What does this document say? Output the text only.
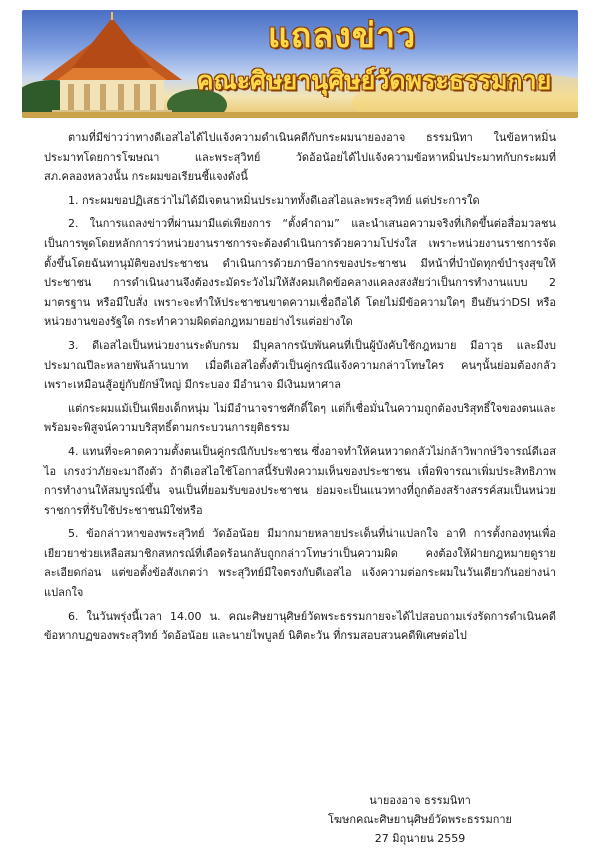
แถลงข่าว
คณะศิษยานุศิษย์วัดพระธรรมกาย

ตามที่มีข่าวว่าทางดีเอสไอได้ไปแจ้งความดำเนินคดีกับกระผมนายองอาจ ธรรมนิทา ในข้อหาหมิ่นประมาทโดยการโฆษณา และพระสุวิทย์ วัดอ้อน้อยได้ไปแจ้งความข้อหาหมิ่นประมาทกับกระผมที่ สภ.คลองหลวงนั้น กระผมขอเรียนชี้แจงดังนี้

1. กระผมขอปฏิเสธว่าไม่ได้มีเจตนาหมิ่นประมาททั้งดีเอสไอและพระสุวิทย์ แต่ประการใด

2. ในการแถลงข่าวที่ผ่านมามีแต่เพียงการ “ตั้งคำถาม” และนำเสนอความจริงที่เกิดขึ้นต่อสื่อมวลชน เป็นการพูดโดยหลักการว่าหน่วยงานราชการจะต้องดำเนินการด้วยความโปร่งใส เพราะหน่วยงานราชการจัดตั้งขึ้นโดยฉันทานุมัติของประชาชน ดำเนินการด้วยภาษีอากรของประชาชน มีหน้าที่บำบัดทุกข์บำรุงสุขให้ประชาชน การดำเนินงานจึงต้องระมัดระวังไม่ให้สังคมเกิดข้อคลางแคลงสงสัยว่าเป็นการทำงานแบบ 2 มาตรฐาน หรือมีใบสั่ง เพราะจะทำให้ประชาชนขาดความเชื่อถือได้ โดยไม่มีข้อความใดๆ ยืนยันว่าDSI หรือหน่วยงานของรัฐใด กระทำความผิดต่อกฎหมายอย่างไรแต่อย่างใด

3. ดีเอสไอเป็นหน่วยงานระดับกรม มีบุคลากรนับพันคนที่เป็นผู้บังคับใช้กฎหมาย มีอาวุธ และมีงบประมาณปีละหลายพันล้านบาท เมื่อดีเอสไอตั้งตัวเป็นคู่กรณีแจ้งความกล่าวโทษใคร คนๆนั้นย่อมต้องกลัวเพราะเหมือนสู้อยู่กับยักษ์ใหญ่ มีกระบอง มีอำนาจ มีเงินมหาศาล

แต่กระผมแม้เป็นเพียงเด็กหนุ่ม ไม่มีอำนาจราชศักดิ์ใดๆ แต่ก็เชื่อมั่นในความถูกต้องบริสุทธิ์ใจของตนและพร้อมจะพิสูจน์ความบริสุทธิ์ตามกระบวนการยุติธรรม

4. แทนที่จะคาดความตั้งตนเป็นคู่กรณีกับประชาชน ซึ่งอาจทำให้คนหวาดกลัวไม่กล้าวิพากษ์วิจารณ์ดีเอสไอ เกรงว่าภัยจะมาถึงตัว ถ้าดีเอสไอใช้โอกาสนี้รับฟังความเห็นของประชาชน เพื่อพิจารณาเพิ่มประสิทธิภาพการทำงานให้สมบูรณ์ขึ้น จนเป็นที่ยอมรับของประชาชน ย่อมจะเป็นแนวทางที่ถูกต้องสร้างสรรค์สมเป็นหน่วยราชการที่รับใช้ประชาชนมิใช่หรือ

5. ข้อกล่าวหาของพระสุวิทย์ วัดอ้อน้อย มีมากมายหลายประเด็นที่น่าแปลกใจ อาทิ การตั้งกองทุนเพื่อเยียวยาช่วยเหลือสมาชิกสหกรณ์ที่เดือดร้อนกลับถูกกล่าวโทษว่าเป็นความผิด คงต้องให้ฝ่ายกฎหมายดูรายละเอียดก่อน แต่ขอตั้งข้อสังเกตว่า พระสุวิทย์มีใจตรงกับดีเอสไอ แจ้งความต่อกระผมในวันเดียวกันอย่างน่าแปลกใจ

6. ในวันพรุ่งนี้เวลา 14.00 น. คณะศิษยานุศิษย์วัดพระธรรมกายจะได้ไปสอบถามเร่งรัดการดำเนินคดีข้อหากบฏของพระสุวิทย์ วัดอ้อน้อย และนายไพบูลย์ นิติตะวัน ที่กรมสอบสวนคดีพิเศษต่อไป

นายองอาจ ธรรมนิทา
โฆษกคณะศิษยานุศิษย์วัดพระธรรมกาย
27 มิถุนายน 2559
